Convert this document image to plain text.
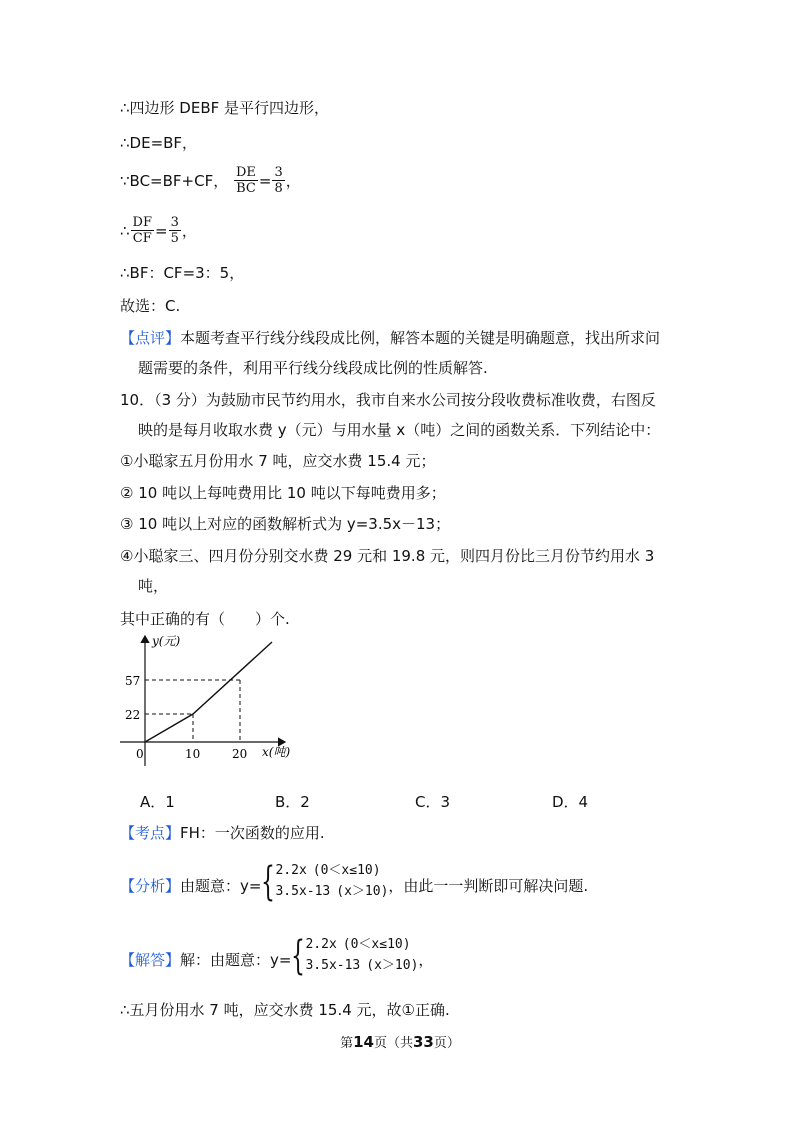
∴四边形 DEBF 是平行四边形，
∴DE=BF，
∵BC=BF+CF， $\frac{DE}{BC} = \frac{3}{8}$ ，
∴ $\frac{DF}{CF} = \frac{3}{5}$ ，
∴BF：CF=3：5，
故选：C.
【点评】本题考查平行线分线段成比例，解答本题的关键是明确题意，找出所求问
题需要的条件，利用平行线分线段成比例的性质解答.
10．（3 分）为鼓励市民节约用水，我市自来水公司按分段收费标准收费，右图反
映的是每月收取水费 y（元）与用水量 x（吨）之间的函数关系．下列结论中：
①小聪家五月份用水 7 吨，应交水费 15.4 元；
② 10 吨以上每吨费用比 10 吨以下每吨费用多；
③ 10 吨以上对应的函数解析式为 y=3.5x－13；
④小聪家三、四月份分别交水费 29 元和 19.8 元，则四月份比三月份节约用水 3
吨，
其中正确的有（　　）个.
y(元)
x(吨)
0	10	20
22
57
A．1	B．2	C．3	D．4
【考点】FH：一次函数的应用.
【分析】由题意：y= { 2.2x (0＜x≤10)
3.5x-13 (x＞10) ，由此一一判断即可解决问题.
【解答】解：由题意：y= { 2.2x (0＜x≤10)
3.5x-13 (x＞10) ，
∴五月份用水 7 吨，应交水费 15.4 元，故①正确.
第14页（共33页）
